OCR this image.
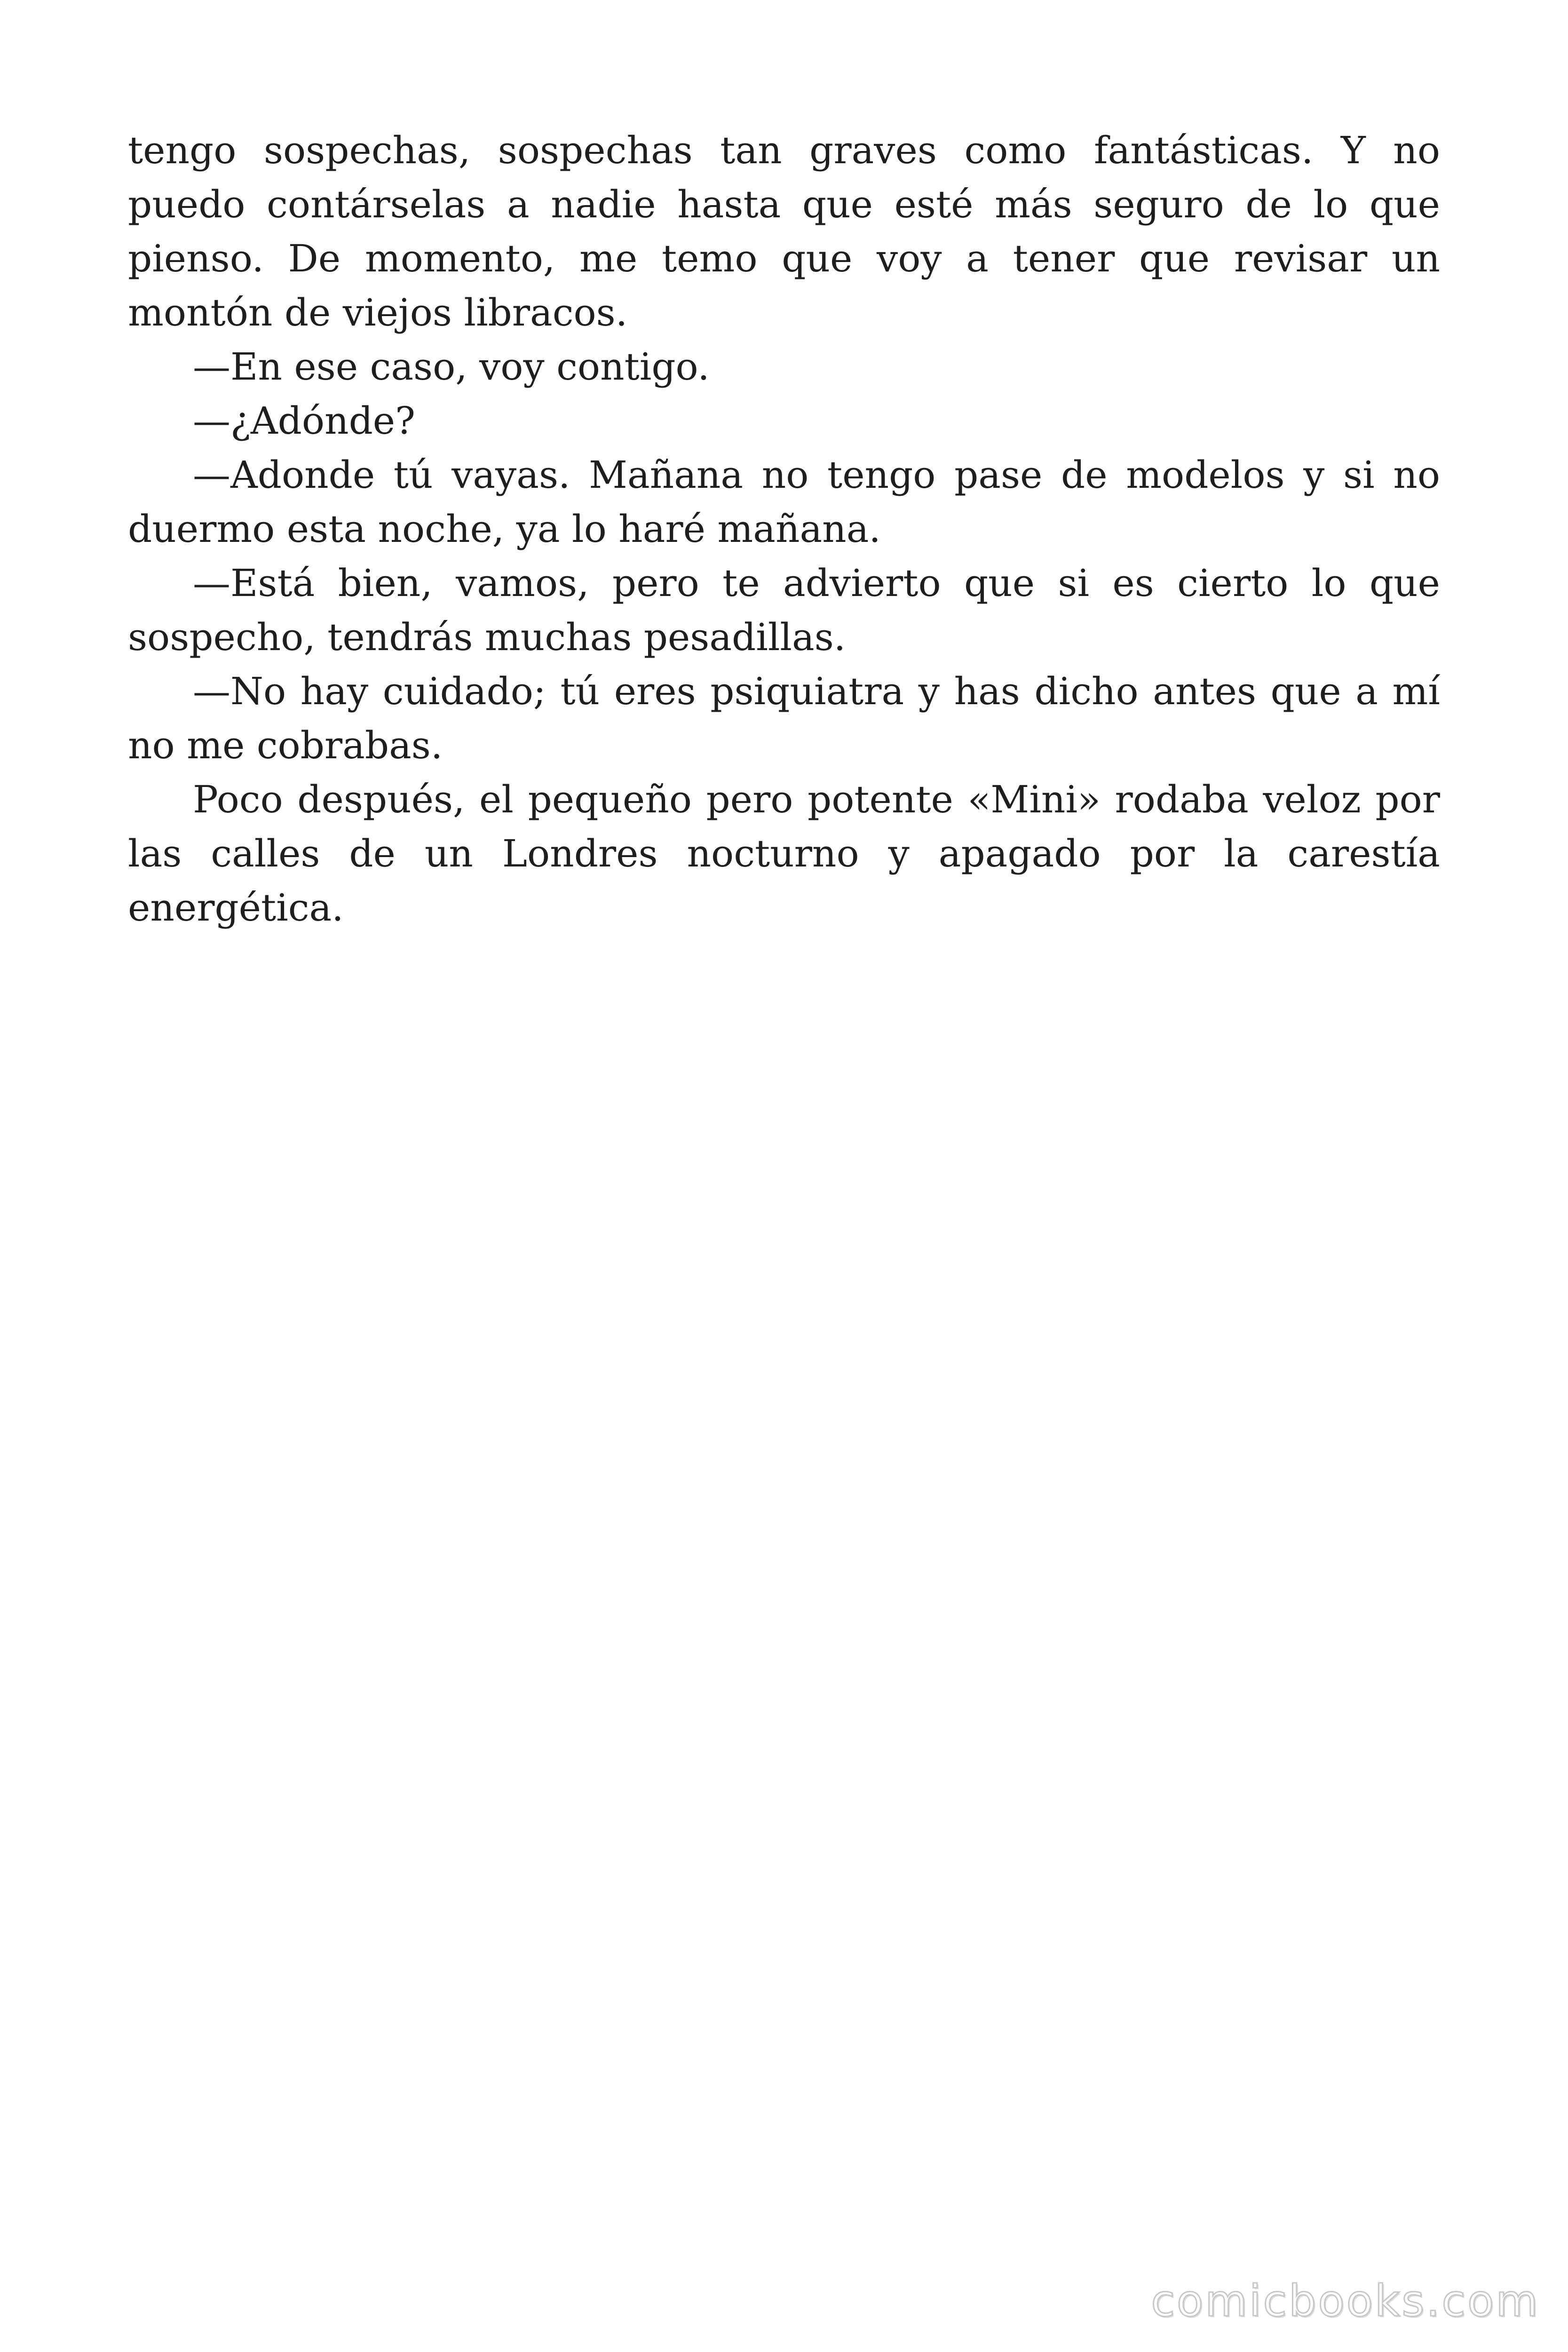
tengo sospechas, sospechas tan graves como fantásticas. Y no puedo contárselas a nadie hasta que esté más seguro de lo que pienso. De momento, me temo que voy a tener que revisar un montón de viejos libracos.

—En ese caso, voy contigo.

—¿Adónde?

—Adonde tú vayas. Mañana no tengo pase de modelos y si no duermo esta noche, ya lo haré mañana.

—Está bien, vamos, pero te advierto que si es cierto lo que sospecho, tendrás muchas pesadillas.

—No hay cuidado; tú eres psiquiatra y has dicho antes que a mí no me cobrabas.

Poco después, el pequeño pero potente «Mini» rodaba veloz por las calles de un Londres nocturno y apagado por la carestía energética.

comicbooks.com
